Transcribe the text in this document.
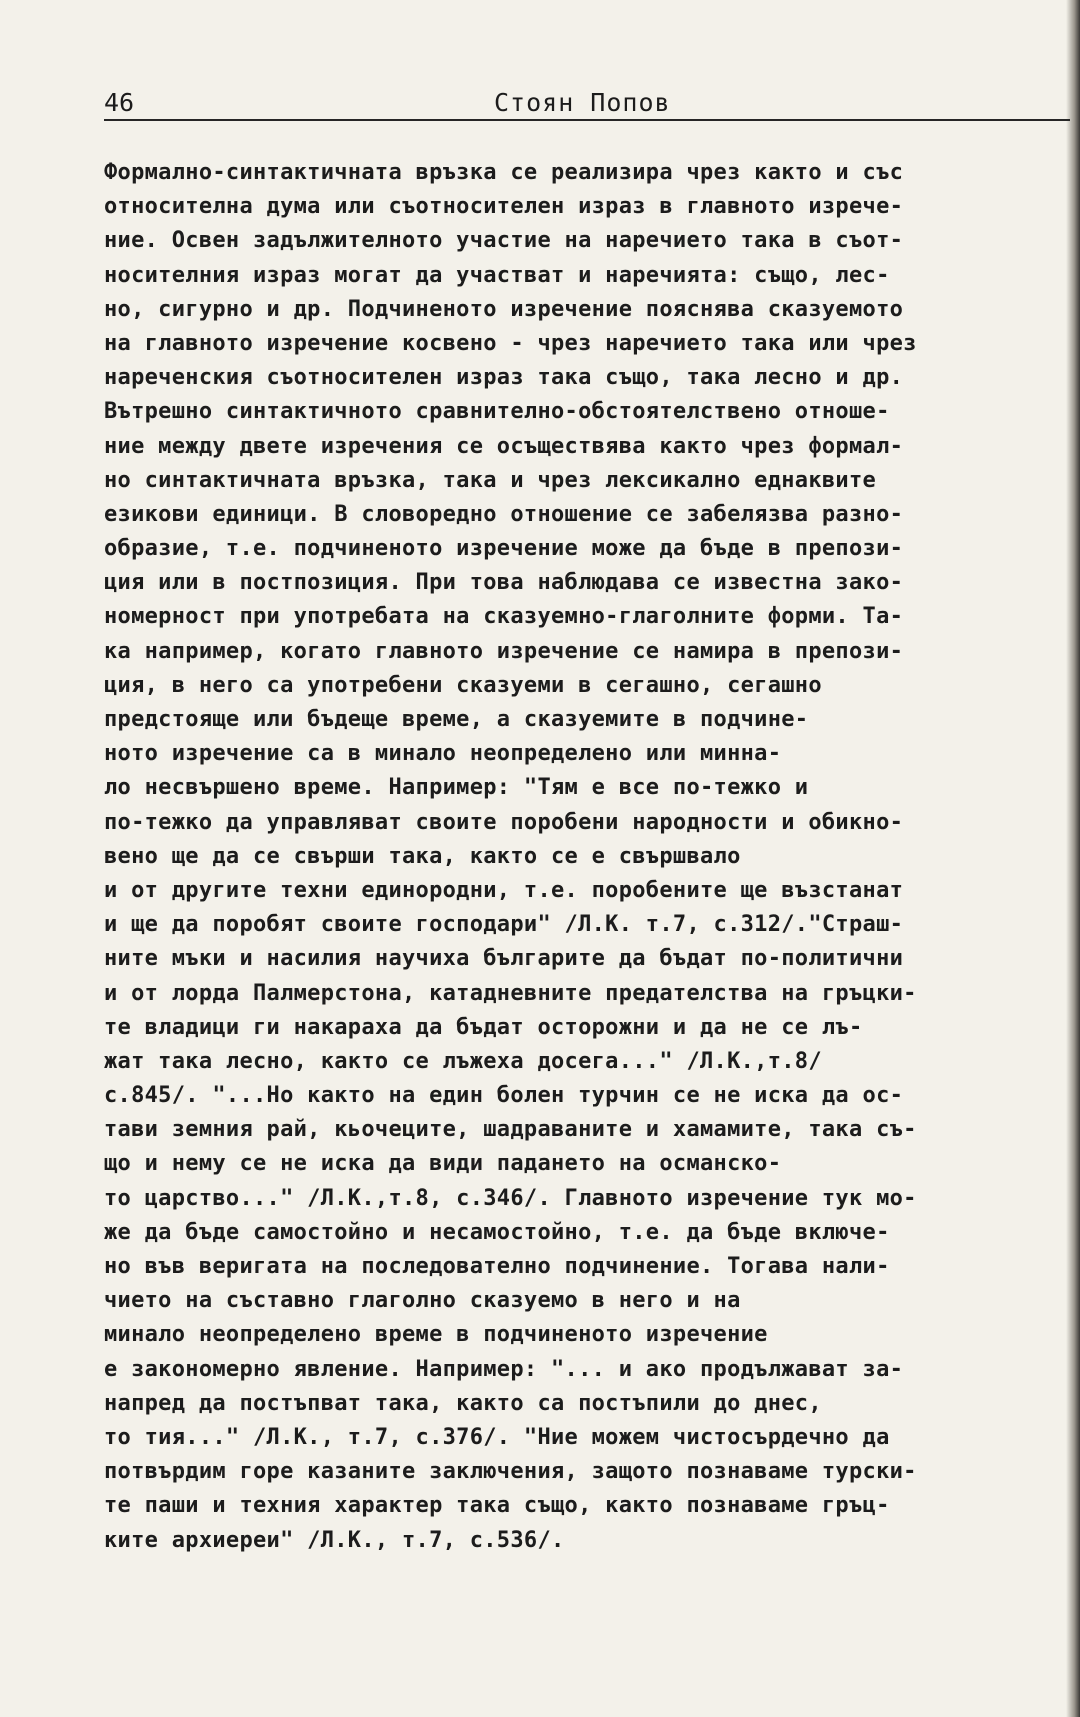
46	Стоян Попов
Формално-синтактичната връзка се реализира чрез както и със
относителна дума или съотносителен израз в главното изрече-
ние. Освен задължителното участие на наречието така в съот-
носителния израз могат да участват и наречията: също, лес-
но, сигурно и др. Подчиненото изречение пояснява сказуемото
на главното изречение косвено - чрез наречието така или чрез
нареченския съотносителен израз така също, така лесно и др.
Вътрешно синтактичното сравнително-обстоятелствено отноше-
ние между двете изречения се осъществява както чрез формал-
но синтактичната връзка, така и чрез лексикално еднаквите
езикови единици. В словоредно отношение се забелязва разно-
образие, т.е. подчиненото изречение може да бъде в препози-
ция или в постпозиция. При това наблюдава се известна зако-
номерност при употребата на сказуемно-глаголните форми. Та-
ка например, когато главното изречение се намира в препози-
ция, в него са употребени сказуеми в сегашно, сегашно
предстояще или бъдеще време, а сказуемите в подчине-
ното изречение са в минало неопределено или минна-
ло несвършено време. Например: "Тям е все по-тежко и
по-тежко да управляват своите поробени народности и обикно-
вено ще да се свърши така, както се е свършвало
и от другите техни единородни, т.е. поробените ще възстанат
и ще да поробят своите господари" /Л.К. т.7, с.312/."Страш-
ните мъки и насилия научиха българите да бъдат по-политични
и от лорда Палмерстона, катадневните предателства на гръцки-
те владици ги накараха да бъдат осторожни и да не се лъ-
жат така лесно, както се лъжеха досега..." /Л.К.,т.8/
с.845/. "...Но както на един болен турчин се не иска да ос-
тави земния рай, кьочеците, шадраваните и хамамите, така съ-
що и нему се не иска да види падането на османско-
то царство..." /Л.К.,т.8, с.346/. Главното изречение тук мо-
же да бъде самостойно и несамостойно, т.е. да бъде включе-
но във веригата на последователно подчинение. Тогава нали-
чието на съставно глаголно сказуемо в него и на
минало неопределено време в подчиненото изречение
е закономерно явление. Например: "... и ако продължават за-
напред да постъпват така, както са постъпили до днес,
то тия..." /Л.К., т.7, с.376/. "Ние можем чистосърдечно да
потвърдим горе казаните заключения, защото познаваме турски-
те паши и техния характер така също, както познаваме гръц-
ките архиереи" /Л.К., т.7, с.536/.
